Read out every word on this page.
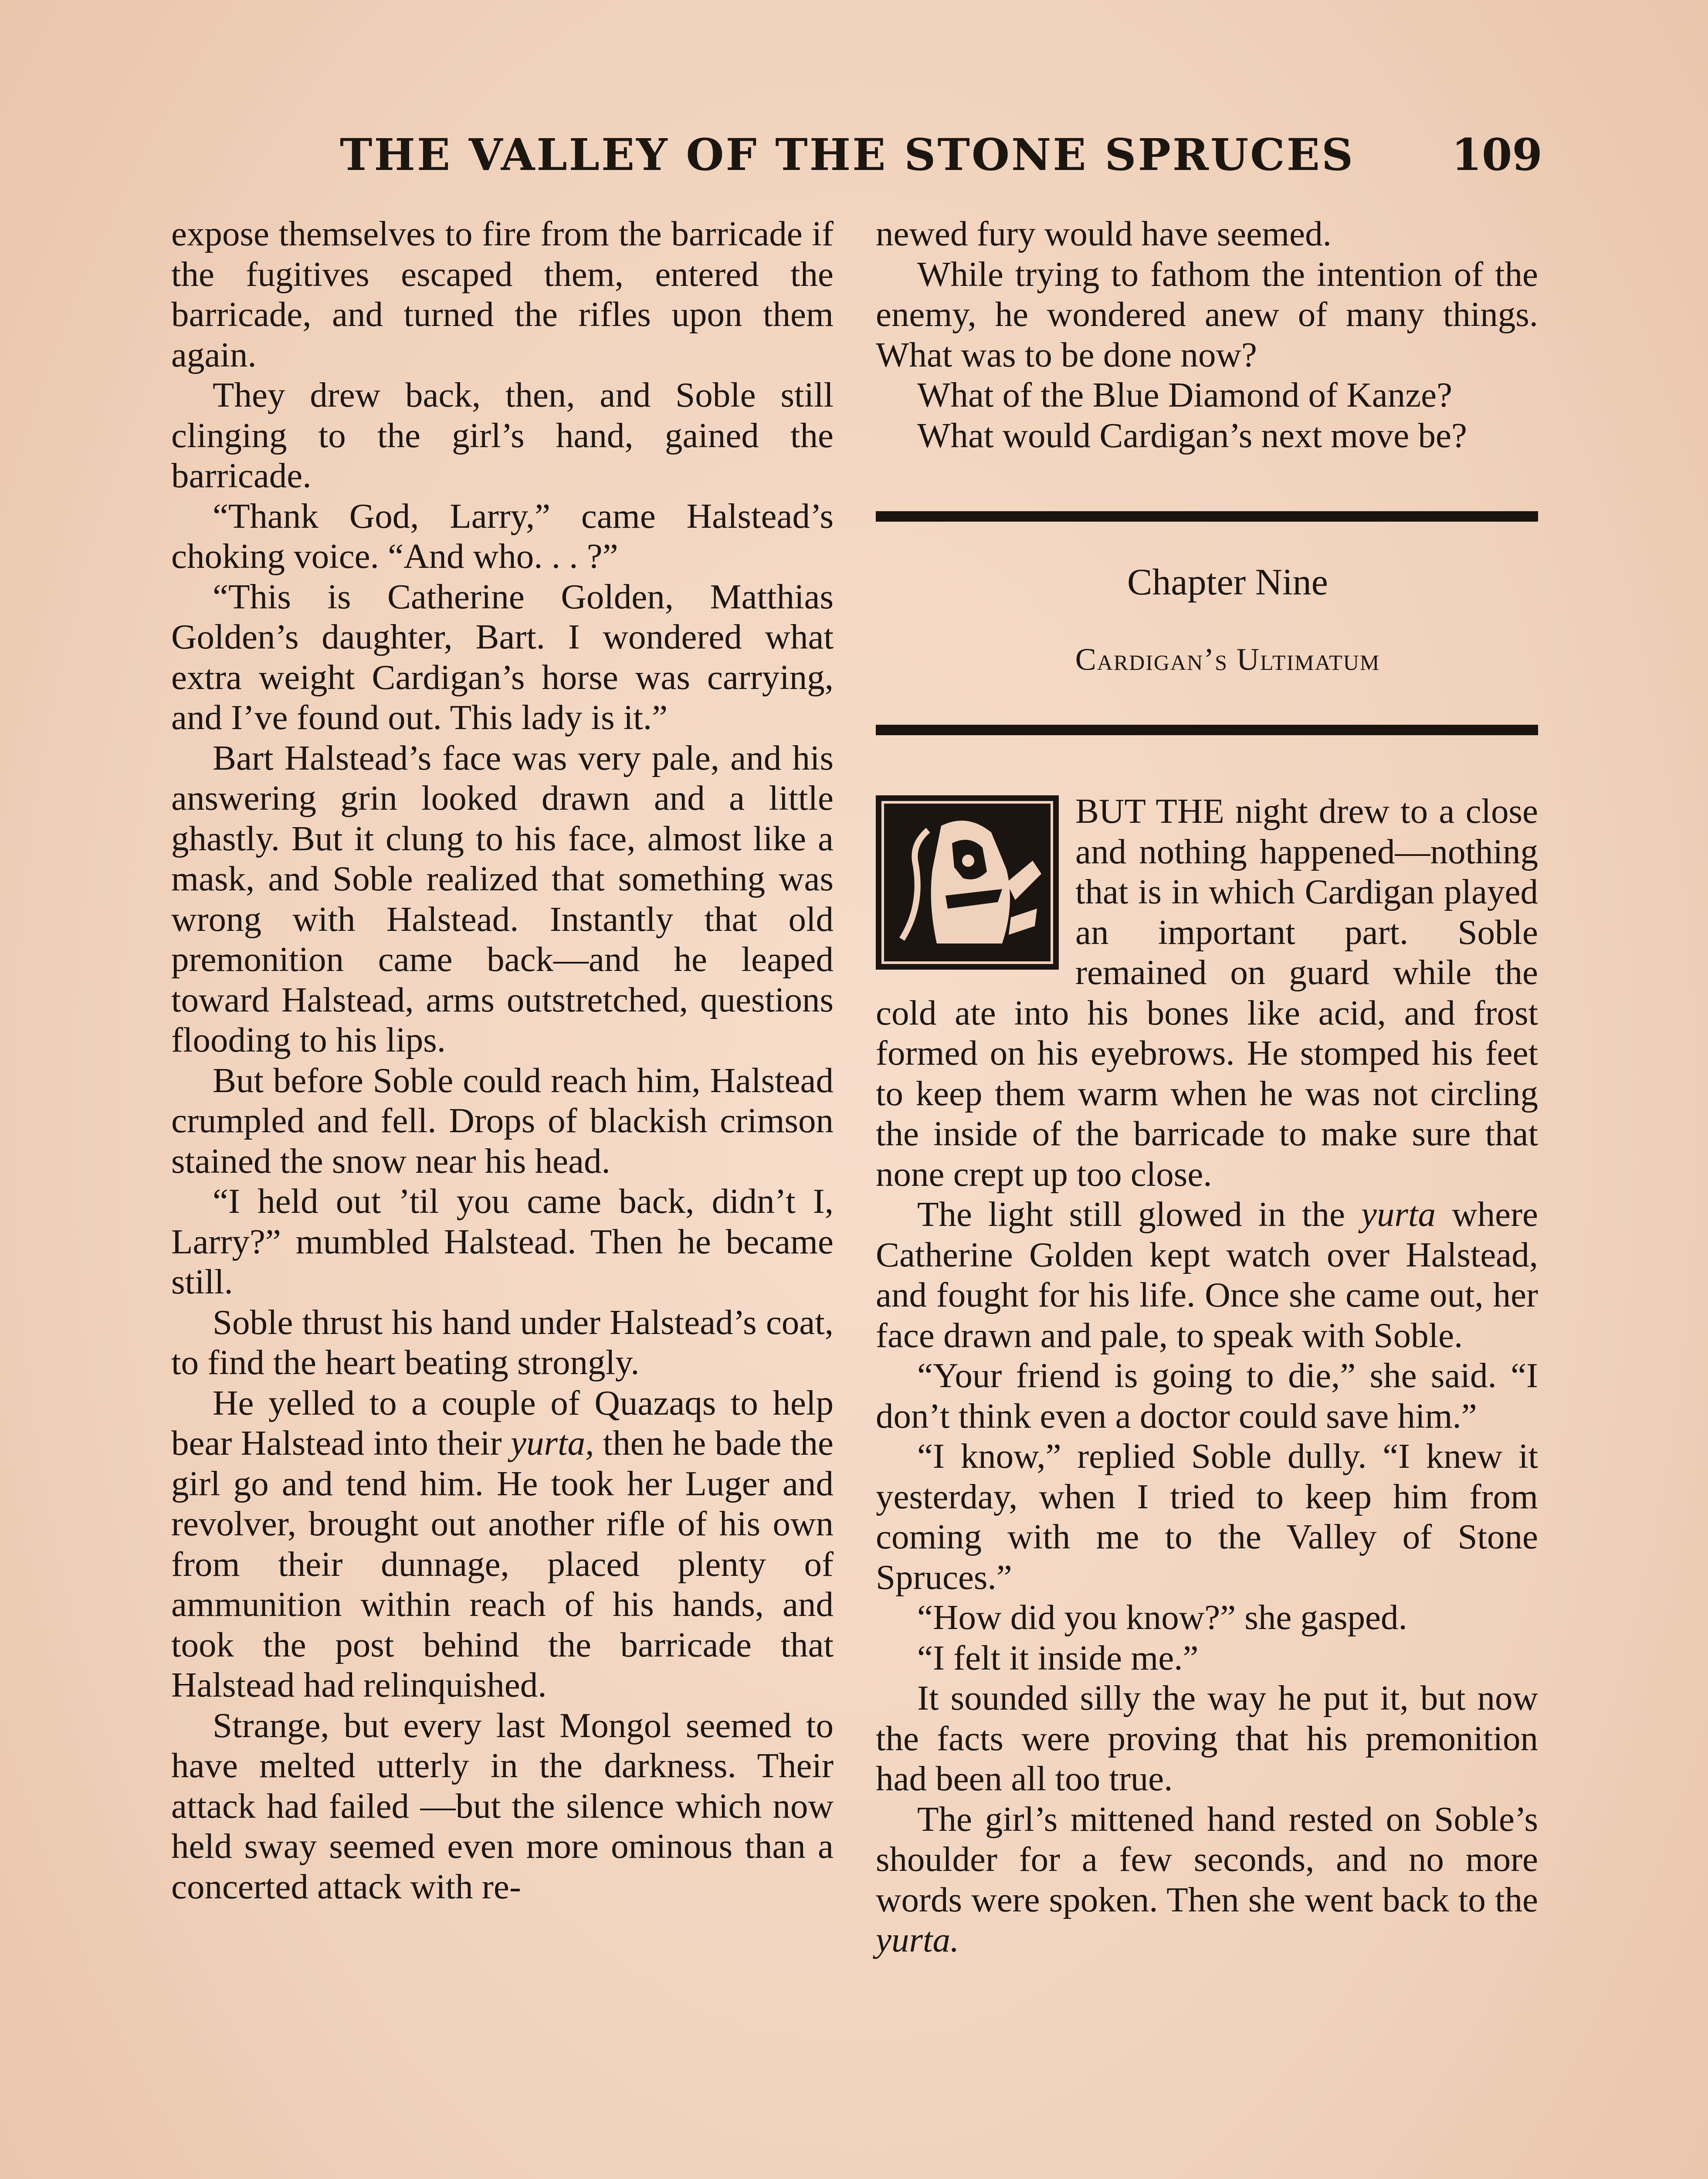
THE VALLEY OF THE STONE SPRUCES 109

expose themselves to fire from the barricade if the fugitives escaped them, entered the barricade, and turned the rifles upon them again.

They drew back, then, and Soble still clinging to the girl’s hand, gained the barricade.

“Thank God, Larry,” came Halstead’s choking voice. “And who. . . ?”

“This is Catherine Golden, Matthias Golden’s daughter, Bart. I wondered what extra weight Cardigan’s horse was carrying, and I’ve found out. This lady is it.”

Bart Halstead’s face was very pale, and his answering grin looked drawn and a little ghastly. But it clung to his face, almost like a mask, and Soble realized that something was wrong with Halstead. Instantly that old premonition came back—and he leaped toward Halstead, arms outstretched, questions flooding to his lips.

But before Soble could reach him, Halstead crumpled and fell. Drops of blackish crimson stained the snow near his head.

“I held out ’til you came back, didn’t I, Larry?” mumbled Halstead. Then he became still.

Soble thrust his hand under Halstead’s coat, to find the heart beating strongly.

He yelled to a couple of Quazaqs to help bear Halstead into their yurta, then he bade the girl go and tend him. He took her Luger and revolver, brought out another rifle of his own from their dunnage, placed plenty of ammunition within reach of his hands, and took the post behind the barricade that Halstead had relinquished.

Strange, but every last Mongol seemed to have melted utterly in the darkness. Their attack had failed —but the silence which now held sway seemed even more ominous than a concerted attack with re-

newed fury would have seemed.

While trying to fathom the intention of the enemy, he wondered anew of many things. What was to be done now?

What of the Blue Diamond of Kanze?

What would Cardigan’s next move be?

Chapter Nine

Cardigan’s Ultimatum

BUT THE night drew to a close and nothing happened—nothing that is in which Cardigan played an important part. Soble remained on guard while the cold ate into his bones like acid, and frost formed on his eyebrows. He stomped his feet to keep them warm when he was not circling the inside of the barricade to make sure that none crept up too close.

The light still glowed in the yurta where Catherine Golden kept watch over Halstead, and fought for his life. Once she came out, her face drawn and pale, to speak with Soble.

“Your friend is going to die,” she said. “I don’t think even a doctor could save him.”

“I know,” replied Soble dully. “I knew it yesterday, when I tried to keep him from coming with me to the Valley of Stone Spruces.”

“How did you know?” she gasped.

“I felt it inside me.”

It sounded silly the way he put it, but now the facts were proving that his premonition had been all too true.

The girl’s mittened hand rested on Soble’s shoulder for a few seconds, and no more words were spoken. Then she went back to the yurta.
